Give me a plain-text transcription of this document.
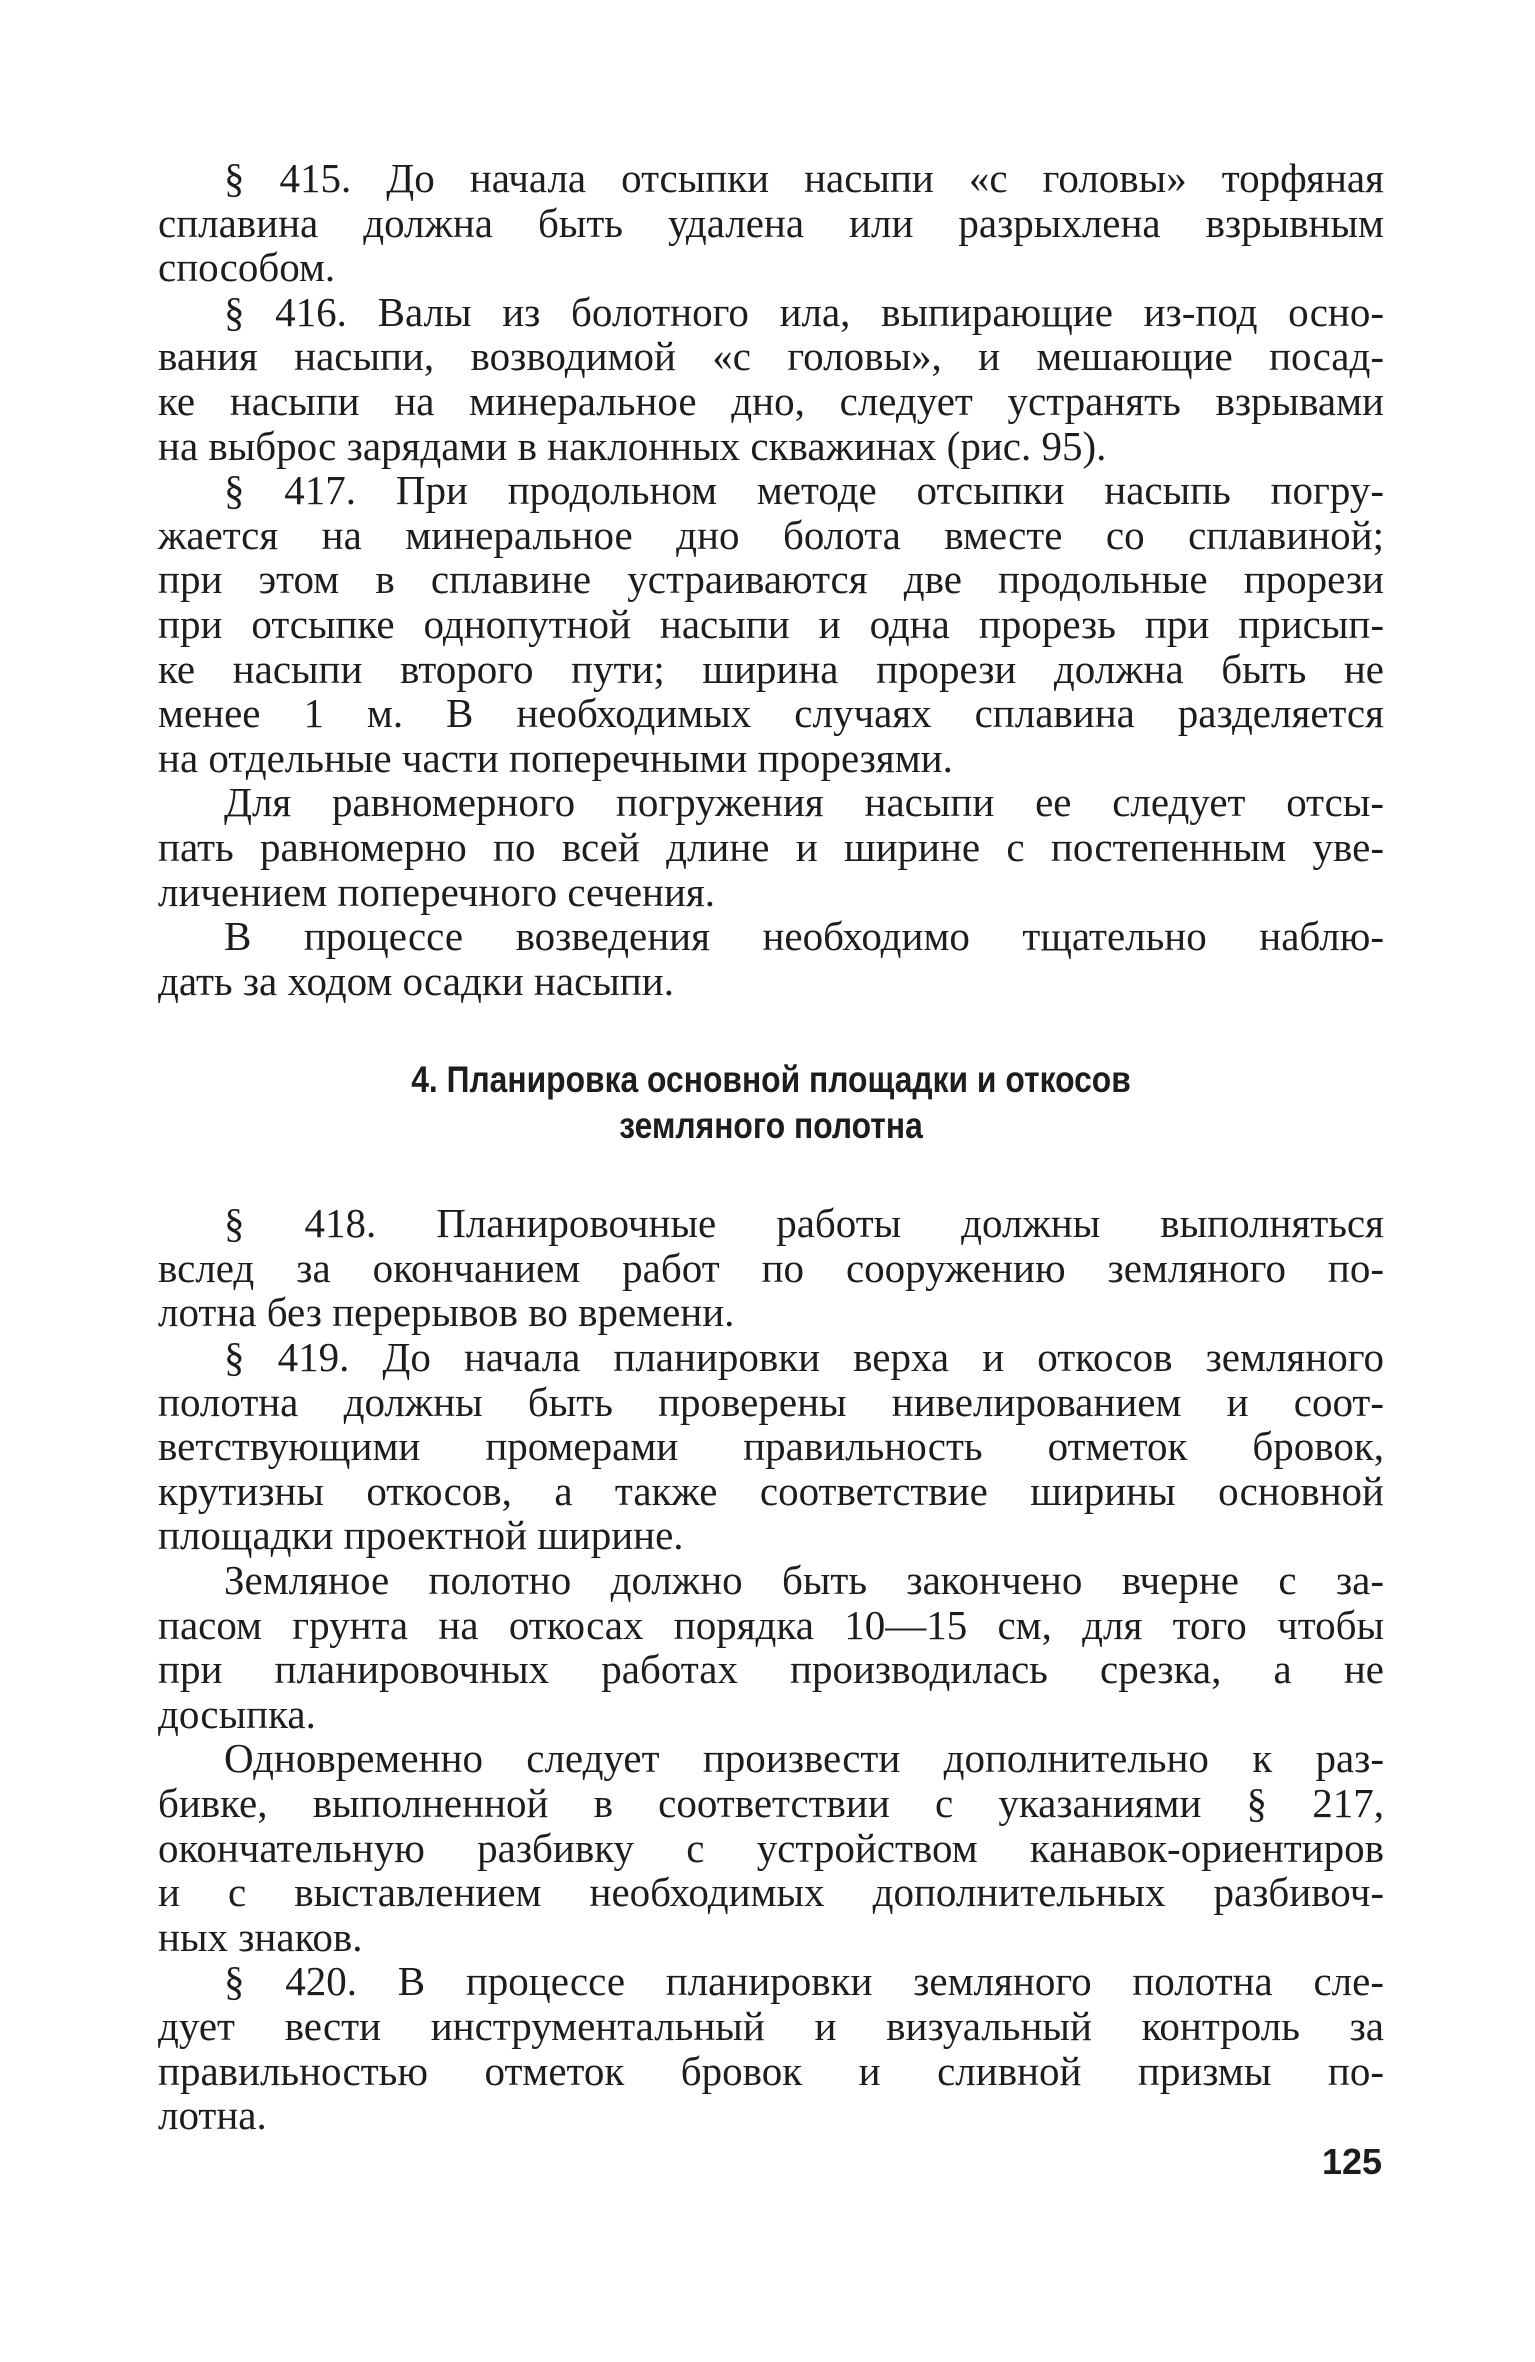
§ 415. До начала отсыпки насыпи «с головы» торфяная
сплавина должна быть удалена или разрыхлена взрывным
способом.

§ 416. Валы из болотного ила, выпирающие из-под осно-
вания насыпи, возводимой «с головы», и мешающие посад-
ке насыпи на минеральное дно, следует устранять взрывами
на выброс зарядами в наклонных скважинах (рис. 95).

§ 417. При продольном методе отсыпки насыпь погру-
жается на минеральное дно болота вместе со сплавиной;
при этом в сплавине устраиваются две продольные прорези
при отсыпке однопутной насыпи и одна прорезь при присып-
ке насыпи второго пути; ширина прорези должна быть не
менее 1 м. В необходимых случаях сплавина разделяется
на отдельные части поперечными прорезями.

Для равномерного погружения насыпи ее следует отсы-
пать равномерно по всей длине и ширине с постепенным уве-
личением поперечного сечения.

В процессе возведения необходимо тщательно наблю-
дать за ходом осадки насыпи.

4. Планировка основной площадки и откосов
земляного полотна

§ 418. Планировочные работы должны выполняться
вслед за окончанием работ по сооружению земляного по-
лотна без перерывов во времени.

§ 419. До начала планировки верха и откосов земляного
полотна должны быть проверены нивелированием и соот-
ветствующими промерами правильность отметок бровок,
крутизны откосов, а также соответствие ширины основной
площадки проектной ширине.

Земляное полотно должно быть закончено вчерне с за-
пасом грунта на откосах порядка 10—15 см, для того чтобы
при планировочных работах производилась срезка, а не
досыпка.

Одновременно следует произвести дополнительно к раз-
бивке, выполненной в соответствии с указаниями § 217,
окончательную разбивку с устройством канавок-ориентиров
и с выставлением необходимых дополнительных разбивоч-
ных знаков.

§ 420. В процессе планировки земляного полотна сле-
дует вести инструментальный и визуальный контроль за
правильностью отметок бровок и сливной призмы по-
лотна.

125
